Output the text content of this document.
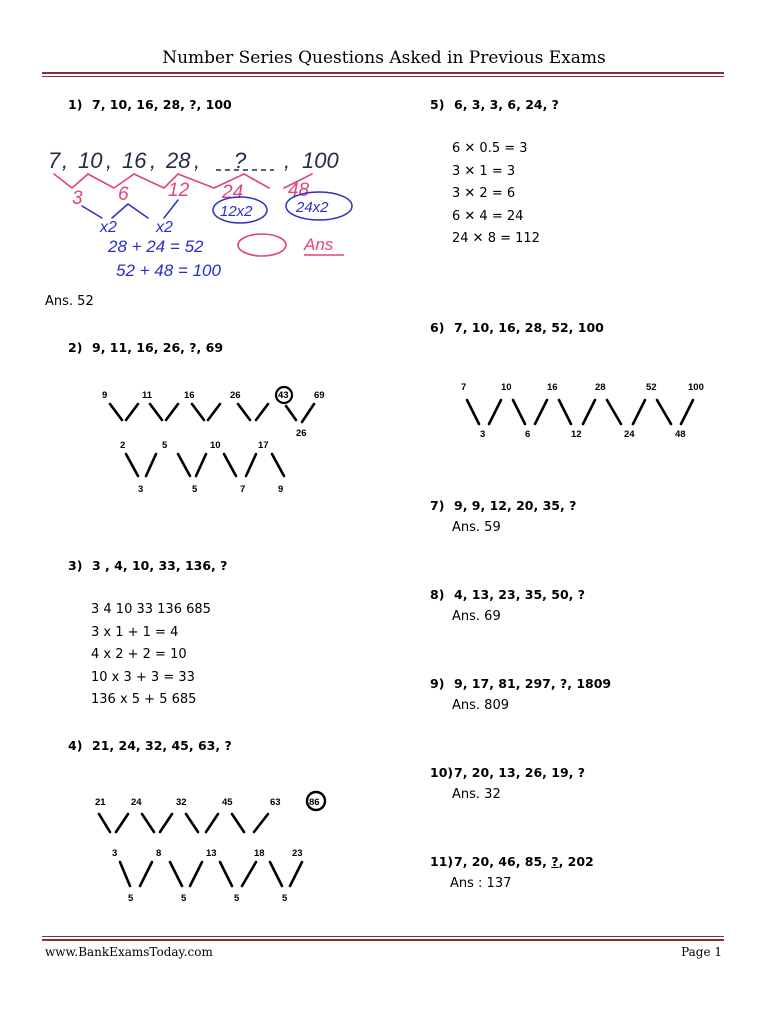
Number Series Questions Asked in Previous Exams
1) 7, 10, 16, 28, ?, 100
7 , 10 , 16 , 28 , ? , 100
3 6 12 24 48
x2 x2
12x2	24x2
28 + 24 = 52	Ans
52 + 48 = 100
Ans. 52
2) 9, 11, 16, 26, ?, 69
9	11	16	26	43	69
26
2	5	10	17
3	5	7	9
3) 3 , 4, 10, 33, 136, ?
3 4 10 33 136 685
3 x 1 + 1 = 4
4 x 2 + 2 = 10
10 x 3 + 3 = 33
136 x 5 + 5 685
4) 21, 24, 32, 45, 63, ?
21	24	32	45	63	86
3	8	13	18	23
5	5	5	5
5) 6, 3, 3, 6, 24, ?
6 ✕ 0.5 = 3
3 ✕ 1 = 3
3 ✕ 2 = 6
6 ✕ 4 = 24
24 ✕ 8 = 112
6) 7, 10, 16, 28, 52, 100
7	10	16	28	52	100
3	6	12	24	48
7) 9, 9, 12, 20, 35, ?
Ans. 59
8) 4, 13, 23, 35, 50, ?
Ans. 69
9) 9, 17, 81, 297, ?, 1809
Ans. 809
10)7, 20, 13, 26, 19, ?
Ans. 32
11)7, 20, 46, 85, ?, 202
Ans : 137
www.BankExamsToday.com	Page 1
